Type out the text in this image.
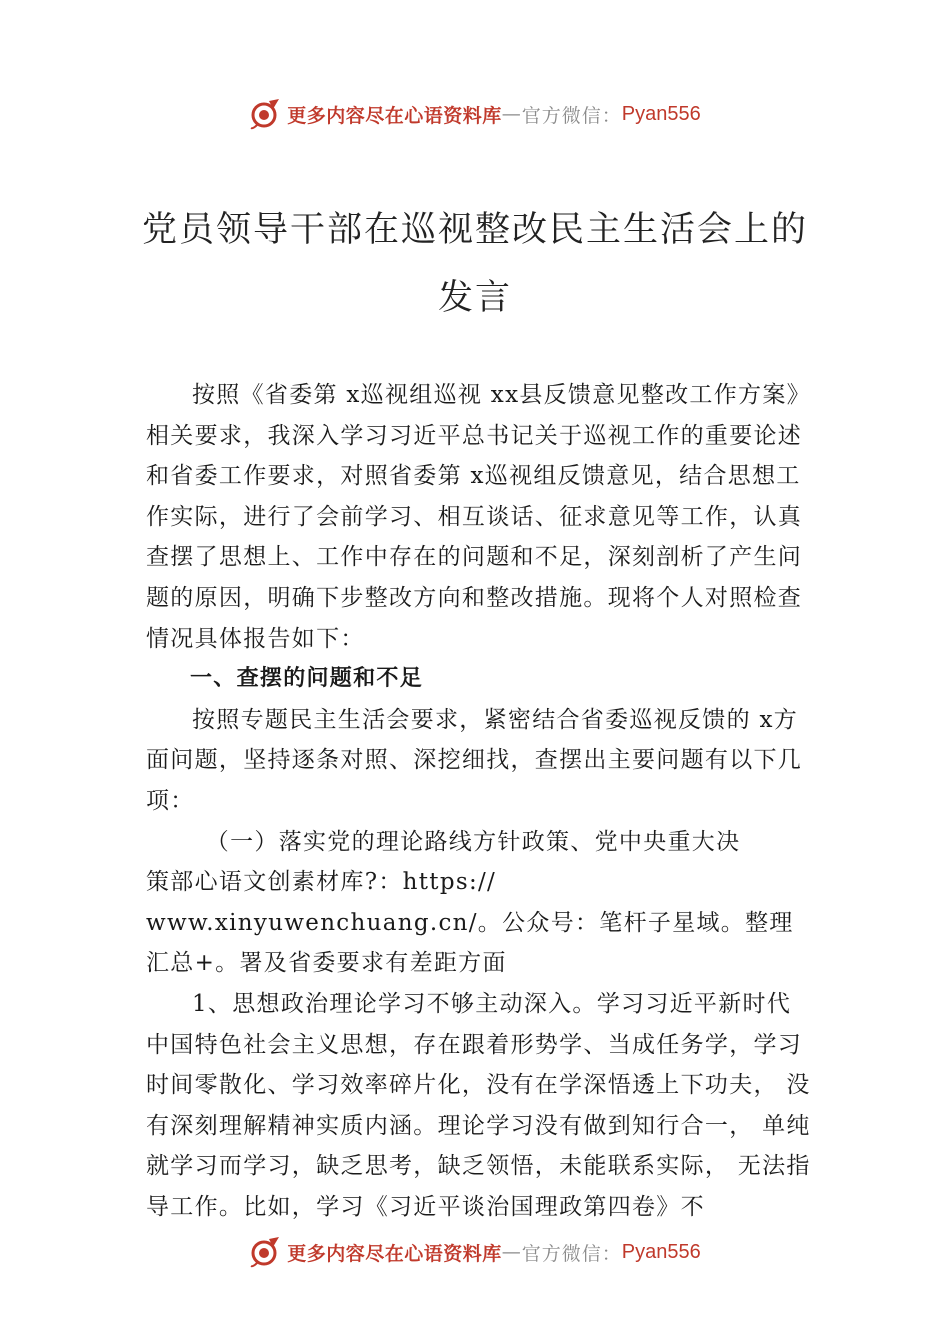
更多内容尽在心语资料库 — 官方微信： Pyan556
党员领导干部在巡视整改民主生活会上的
发言

按照《省委第 x巡视组巡视 xx县反馈意见整改工作方案》相关要求，我深入学习习近平总书记关于巡视工作的重要论述和省委工作要求，对照省委第 x巡视组反馈意见，结合思想工作实际，进行了会前学习、相互谈话、征求意见等工作，认真查摆了思想上、工作中存在的问题和不足，深刻剖析了产生问题的原因，明确下步整改方向和整改措施。现将个人对照检查情况具体报告如下：

一、查摆的问题和不足

按照专题民主生活会要求，紧密结合省委巡视反馈的 x方面问题，坚持逐条对照、深挖细找，查摆出主要问题有以下几项：

（一）落实党的理论路线方针政策、党中央重大决

策部心语文创素材库?：https://

www.xinyuwenchuang.cn/。公众号：笔杆子星域。整理

汇总+。署及省委要求有差距方面

1、思想政治理论学习不够主动深入。学习习近平新时代中国特色社会主义思想，存在跟着形势学、当成任务学，学习时间零散化、学习效率碎片化，没有在学深悟透上下功夫， 没有深刻理解精神实质内涵。理论学习没有做到知行合一， 单纯就学习而学习，缺乏思考，缺乏领悟，未能联系实际， 无法指导工作。比如，学习《习近平谈治国理政第四卷》不

更多内容尽在心语资料库 — 官方微信： Pyan556
